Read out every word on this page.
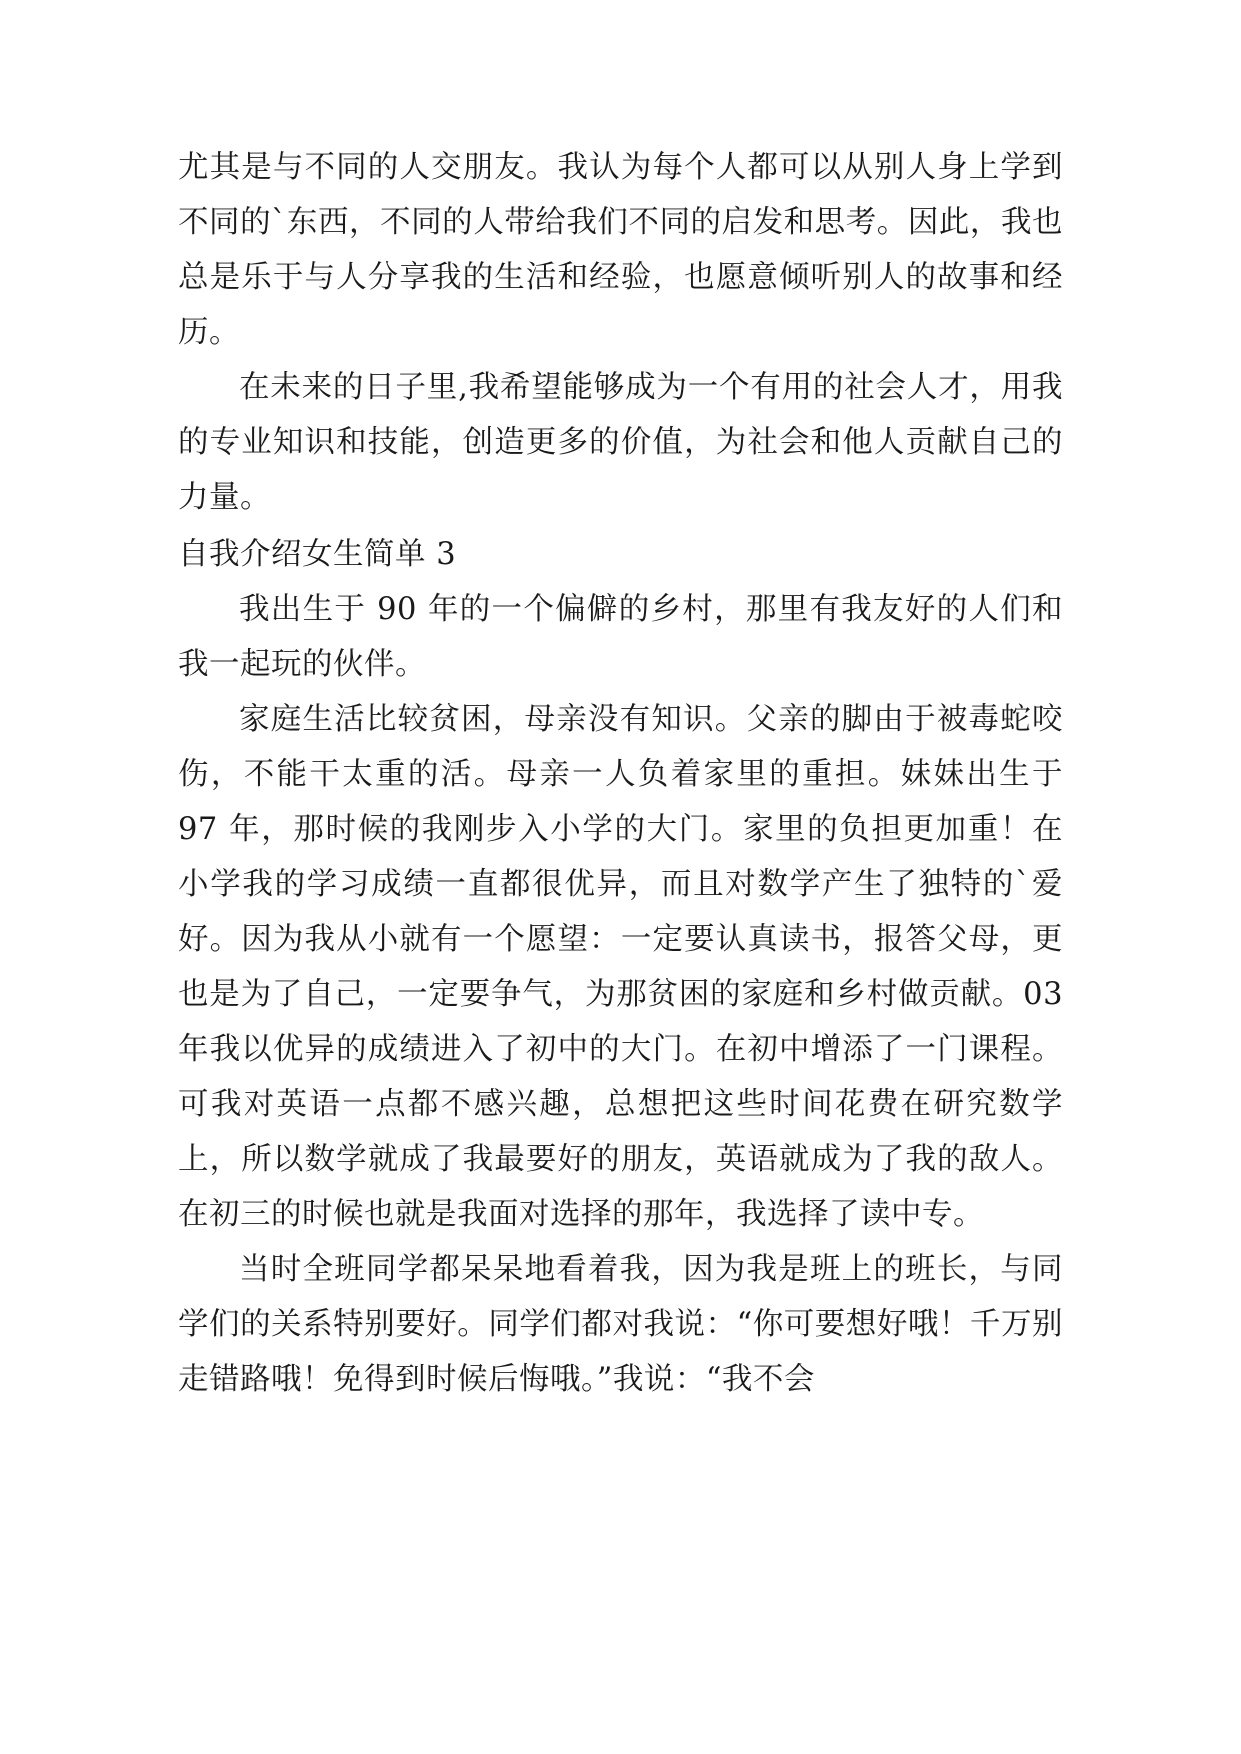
尤其是与不同的人交朋友。我认为每个人都可以从别人身上学到不同的`东西，不同的人带给我们不同的启发和思考。因此，我也总是乐于与人分享我的生活和经验，也愿意倾听别人的故事和经历。

在未来的日子里,我希望能够成为一个有用的社会人才，用我的专业知识和技能，创造更多的价值，为社会和他人贡献自己的力量。

自我介绍女生简单 3

我出生于 90 年的一个偏僻的乡村，那里有我友好的人们和我一起玩的伙伴。

家庭生活比较贫困，母亲没有知识。父亲的脚由于被毒蛇咬伤，不能干太重的活。母亲一人负着家里的重担。妹妹出生于 97 年，那时候的我刚步入小学的大门。家里的负担更加重！在小学我的学习成绩一直都很优异，而且对数学产生了独特的`爱好。因为我从小就有一个愿望：一定要认真读书，报答父母，更也是为了自己，一定要争气，为那贫困的家庭和乡村做贡献。03 年我以优异的成绩进入了初中的大门。在初中增添了一门课程。可我对英语一点都不感兴趣，总想把这些时间花费在研究数学上，所以数学就成了我最要好的朋友，英语就成为了我的敌人。在初三的时候也就是我面对选择的那年，我选择了读中专。

当时全班同学都呆呆地看着我，因为我是班上的班长，与同学们的关系特别要好。同学们都对我说：“你可要想好哦！千万别走错路哦！免得到时候后悔哦。”我说：“我不会
